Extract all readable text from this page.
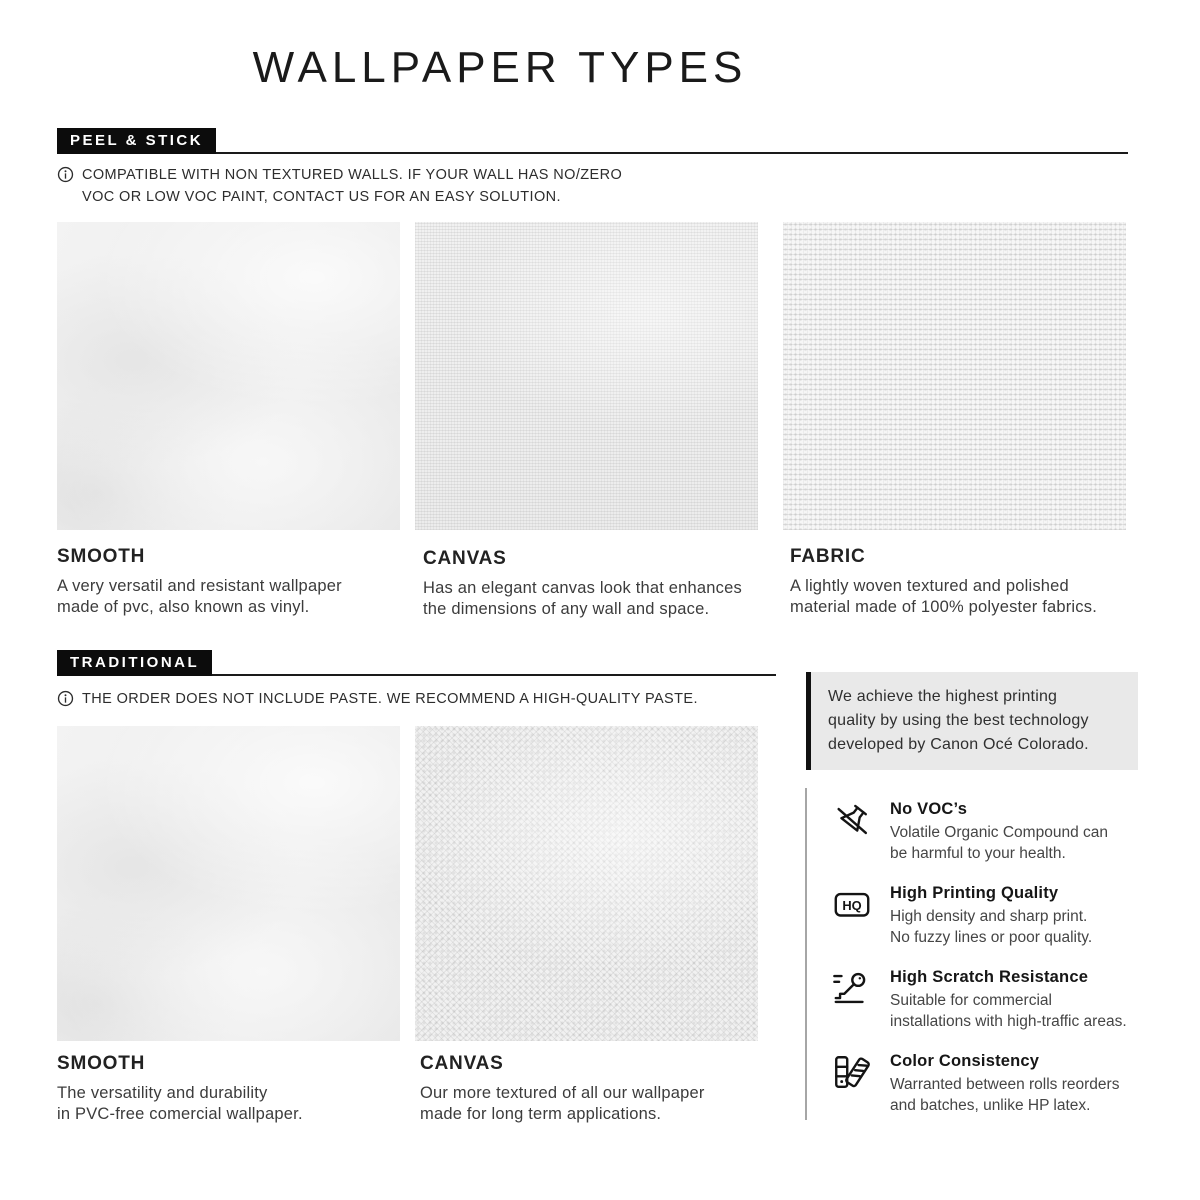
WALLPAPER TYPES
PEEL & STICK
COMPATIBLE WITH NON TEXTURED WALLS. IF YOUR WALL HAS NO/ZERO
VOC OR LOW VOC PAINT, CONTACT US FOR AN EASY SOLUTION.
SMOOTH
A very versatil and resistant wallpaper
made of pvc, also known as vinyl.
CANVAS
Has an elegant canvas look that enhances
the dimensions of any wall and space.
FABRIC
A lightly woven textured and polished
material made of 100% polyester fabrics.
TRADITIONAL
THE ORDER DOES NOT INCLUDE PASTE. WE RECOMMEND A HIGH-QUALITY PASTE.
SMOOTH
The versatility and durability
in PVC-free comercial wallpaper.
CANVAS
Our more textured of all our wallpaper
made for long term applications.
We achieve the highest printing
quality by using the best technology
developed by Canon Océ Colorado.
No VOC’s
Volatile Organic Compound can
be harmful to your health.
HQ
High Printing Quality
High density and sharp print.
No fuzzy lines or poor quality.
High Scratch Resistance
Suitable for commercial
installations with high-traffic areas.
Color Consistency
Warranted between rolls reorders
and batches, unlike HP latex.
